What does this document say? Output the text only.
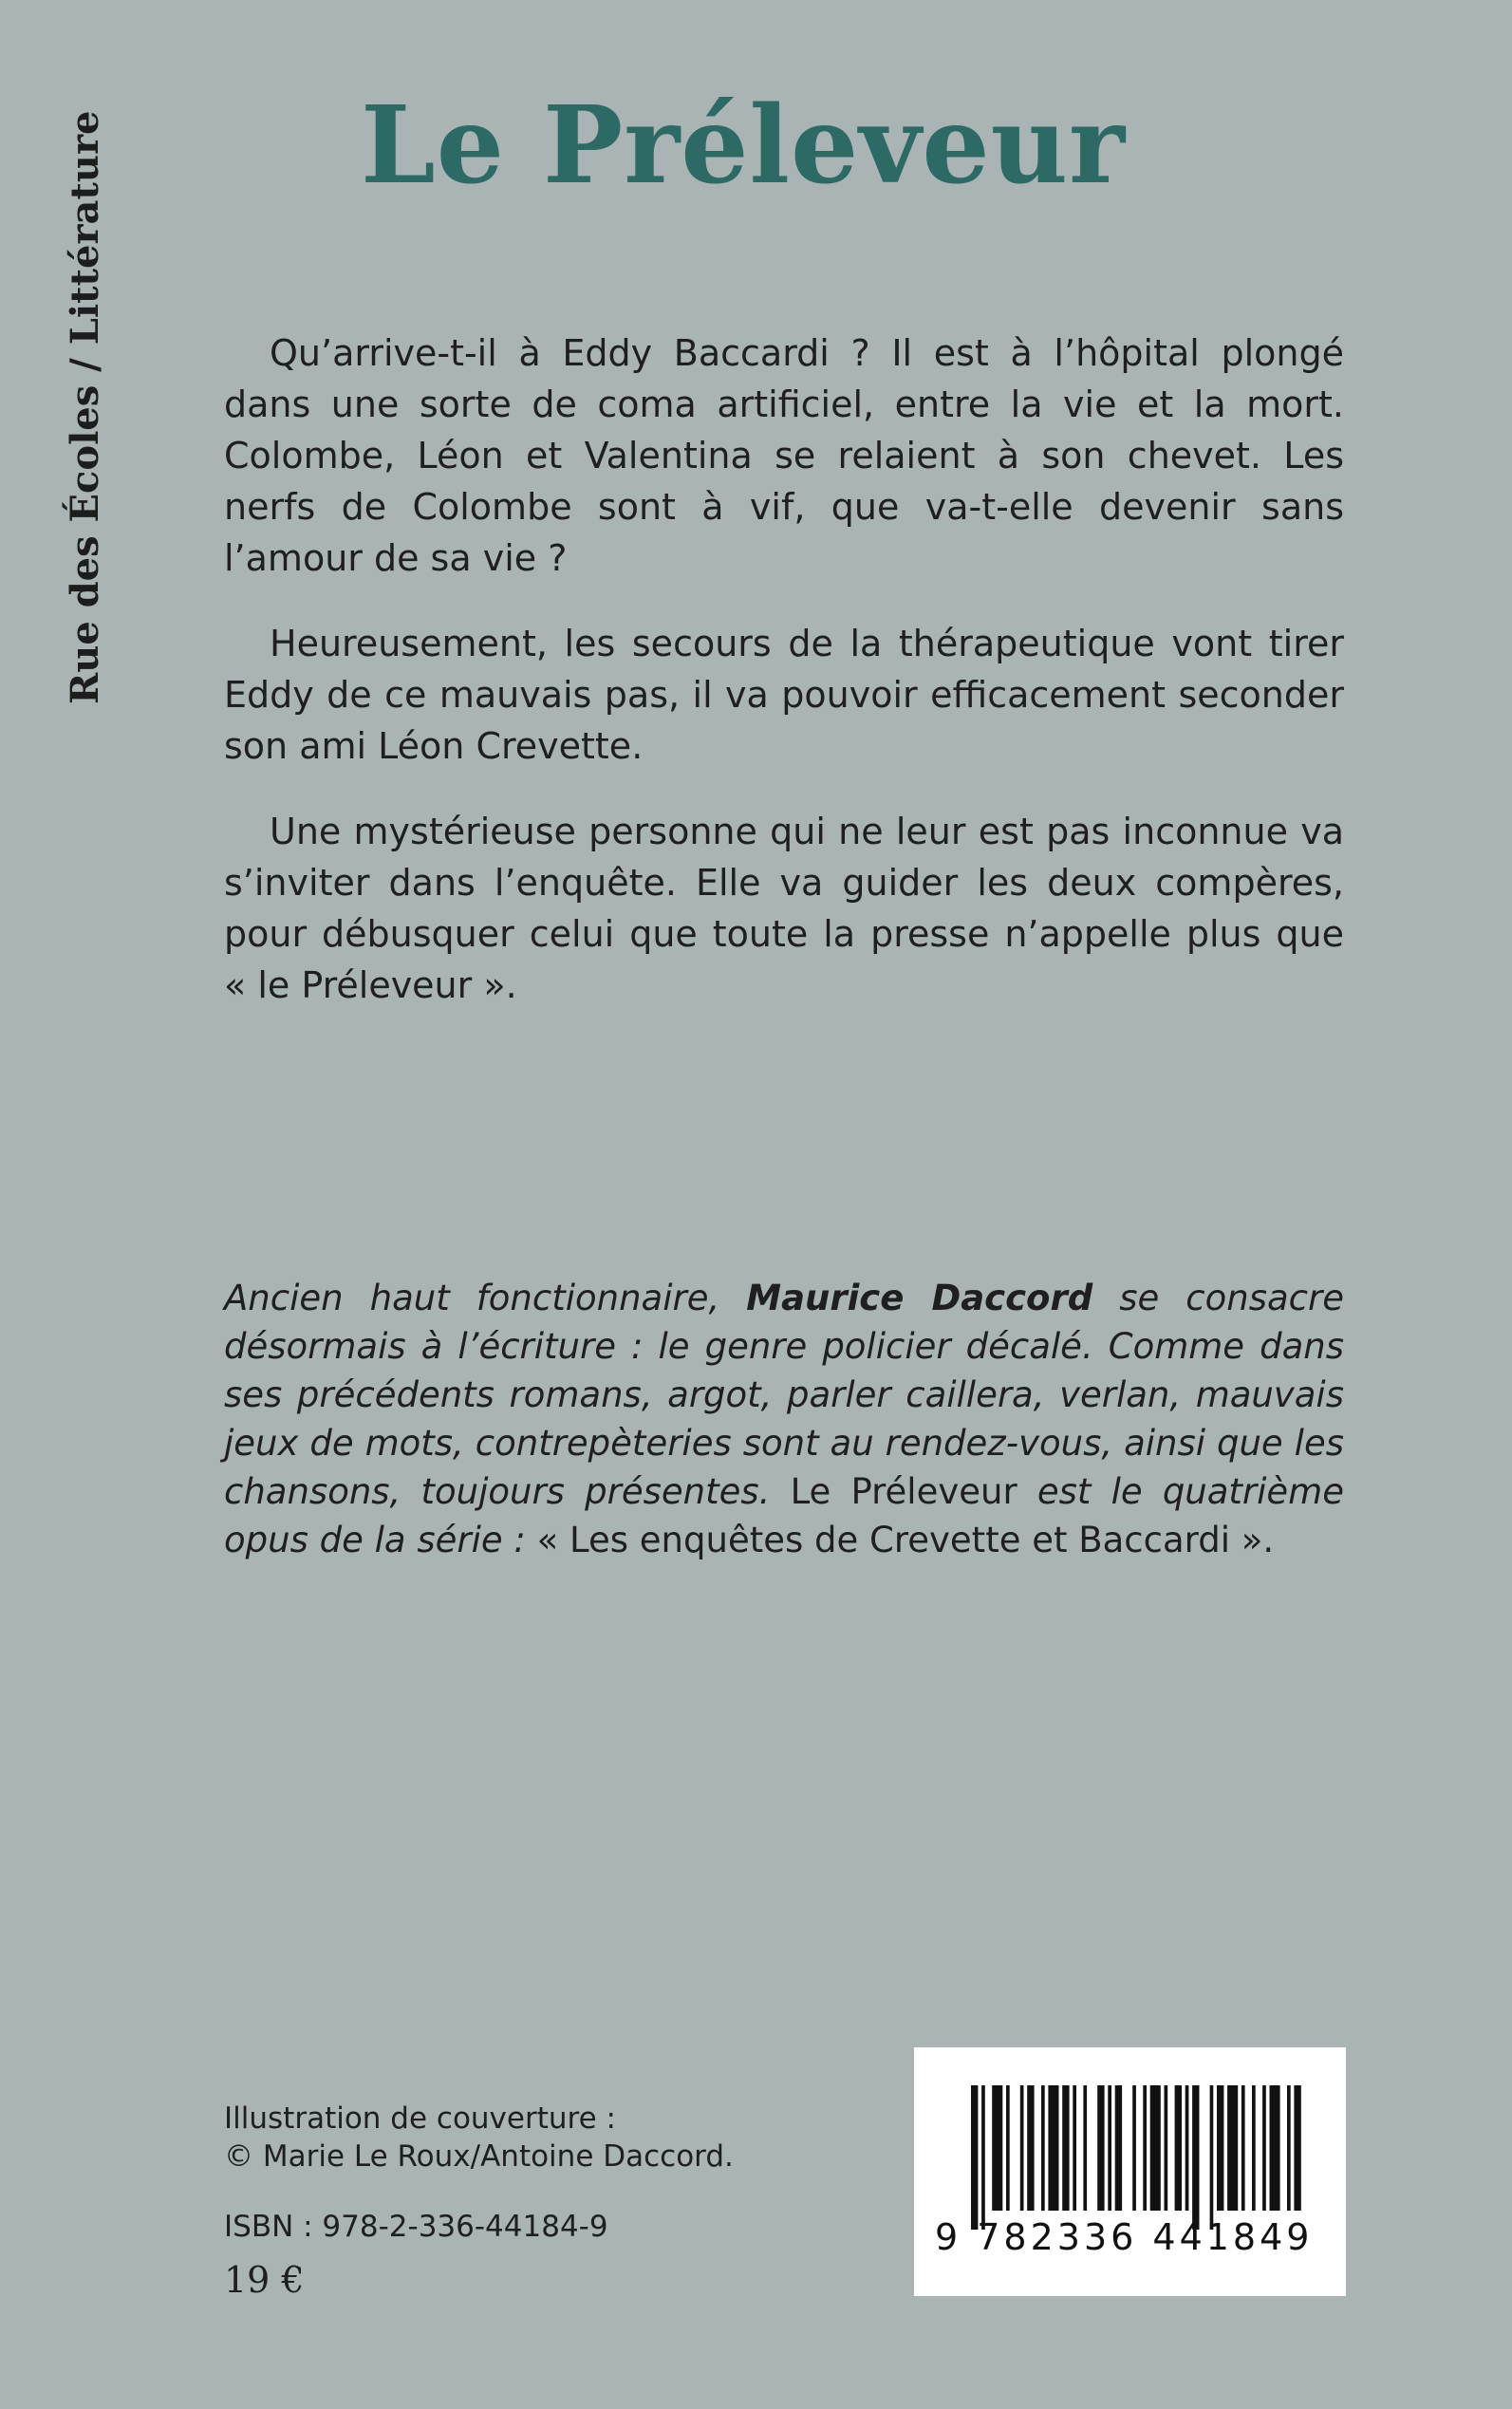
Rue des Écoles / Littérature Le Préleveur

Qu’arrive-t-il à Eddy Baccardi ? Il est à l’hôpital plongé dans une sorte de coma artificiel, entre la vie et la mort. Colombe, Léon et Valentina se relaient à son chevet. Les nerfs de Colombe sont à vif, que va-t-elle devenir sans l’amour de sa vie ?

Heureusement, les secours de la thérapeutique vont tirer Eddy de ce mauvais pas, il va pouvoir efficacement seconder son ami Léon Crevette.

Une mystérieuse personne qui ne leur est pas inconnue va s’inviter dans l’enquête. Elle va guider les deux compères, pour débusquer celui que toute la presse n’appelle plus que « le Préleveur ».

Ancien haut fonctionnaire, Maurice Daccord se consacre désormais à l’écriture : le genre policier décalé. Comme dans ses précédents romans, argot, parler caillera, verlan, mauvais jeux de mots, contrepèteries sont au rendez-vous, ainsi que les chansons, toujours présentes. Le Préleveur est le quatrième opus de la série : « Les enquêtes de Crevette et Baccardi ».

Illustration de couverture :
© Marie Le Roux/Antoine Daccord.
ISBN : 978-2-336-44184-9
19 €
9 782336 441849
